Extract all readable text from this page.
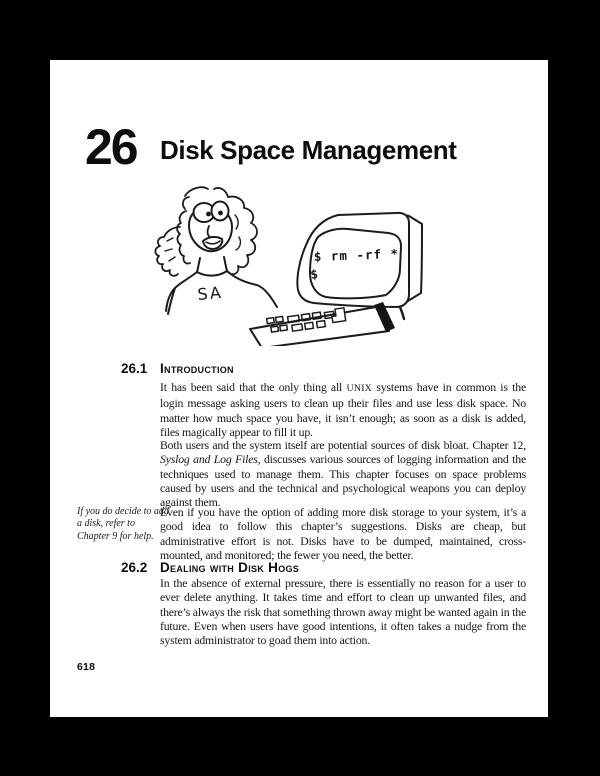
26 Disk Space Management
$ rm -rf *
$
SA
26.1 Introduction
It has been said that the only thing all UNIX systems have in common is the login message asking users to clean up their files and use less disk space. No matter how much space you have, it isn’t enough; as soon as a disk is added, files magically appear to fill it up.
Both users and the system itself are potential sources of disk bloat. Chapter 12, Syslog and Log Files, discusses various sources of logging information and the techniques used to manage them. This chapter focuses on space problems caused by users and the technical and psychological weapons you can deploy against them.
If you do decide to add a disk, refer to Chapter 9 for help.
Even if you have the option of adding more disk storage to your system, it’s a good idea to follow this chapter’s suggestions. Disks are cheap, but administrative effort is not. Disks have to be dumped, maintained, cross-mounted, and monitored; the fewer you need, the better.
26.2 Dealing with Disk Hogs
In the absence of external pressure, there is essentially no reason for a user to ever delete anything. It takes time and effort to clean up unwanted files, and there’s always the risk that something thrown away might be wanted again in the future. Even when users have good intentions, it often takes a nudge from the system administrator to goad them into action.
618
